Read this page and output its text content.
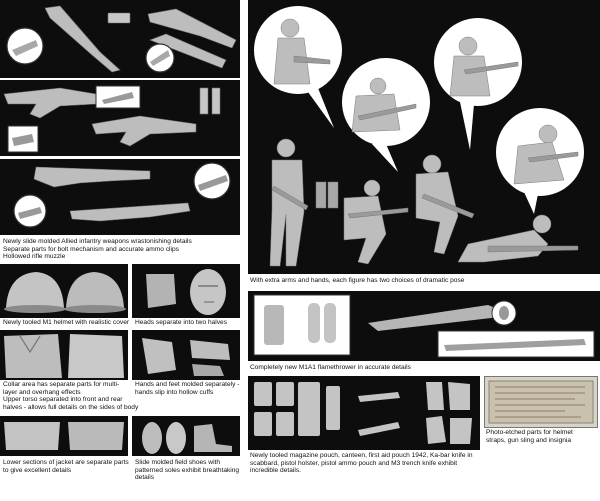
Newly slide molded Allied infantry weapons w/astonishing details
Separate parts for bolt mechanism and accurate ammo clips
Hollowed rifle muzzle
Newly tooled M1 helmet with realistic cover Heads separate into two halves
Collar area has separate parts for multi-
layer and overhang effects
Upper torso separated into front and rear
halves - allows full details on the sides of body
Hands and feet molded separately -
hands slip into hollow cuffs
Lower sections of jacket are separate parts
to give excellent details
Slide molded field shoes with
patterned soles exhibit breathtaking
details
With extra arms and hands, each figure has two choices of dramatic pose
Completely new M1A1 flamethrower in accurate details
Newly tooled magazine pouch, canteen, first aid pouch 1942, Ka-bar knife in
scabbard, pistol holster, pistol ammo pouch and M3 trench knife exhibit
incredible details.
Photo-etched parts for helmet
straps, gun sling and insignia
